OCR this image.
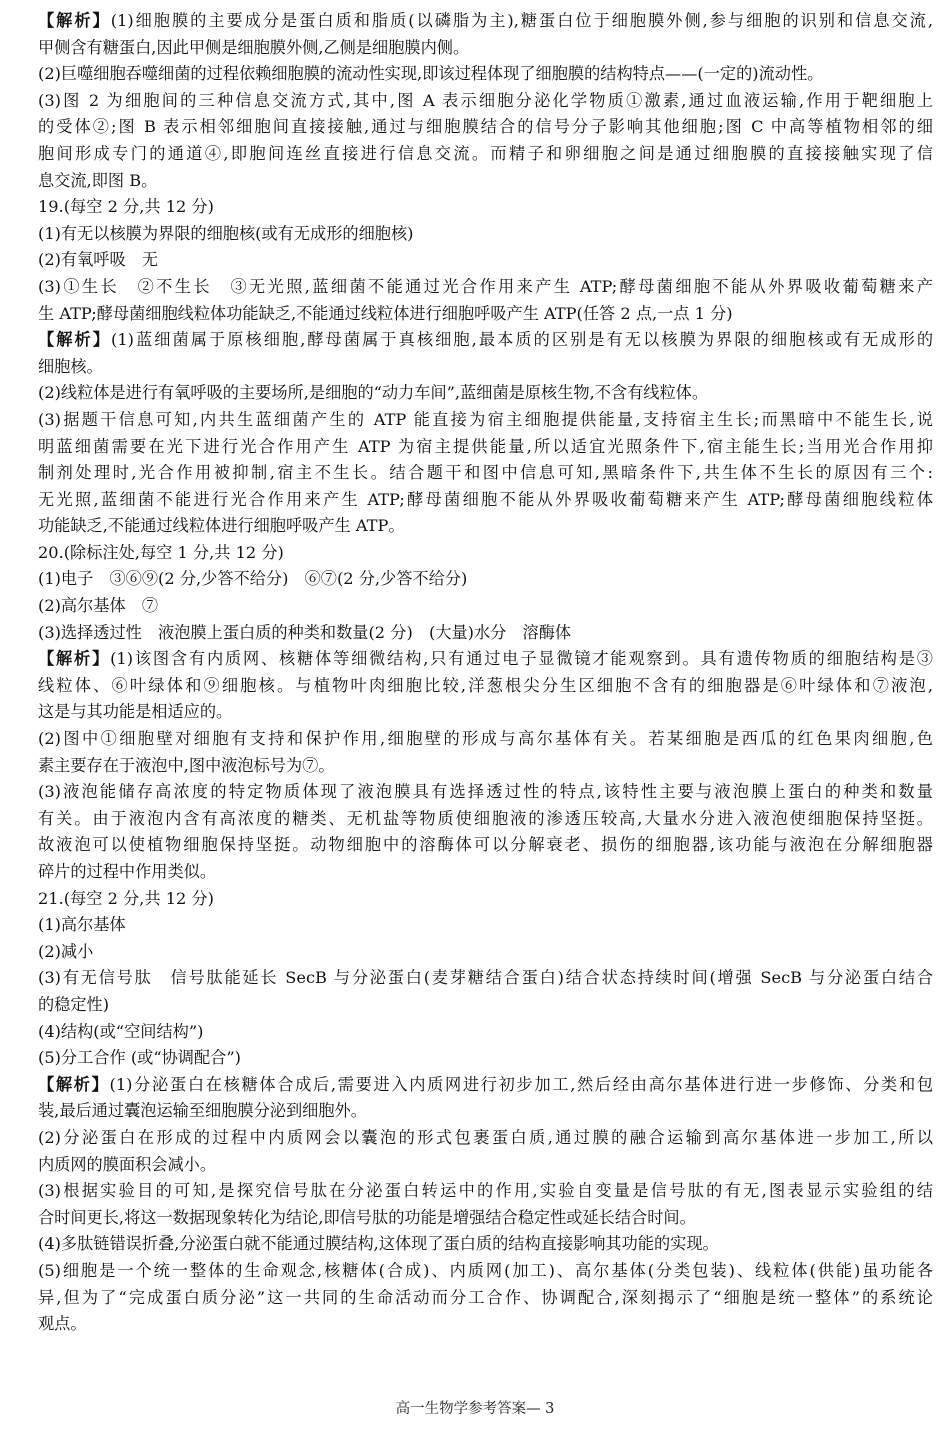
【解析】(1)细胞膜的主要成分是蛋白质和脂质(以磷脂为主),糖蛋白位于细胞膜外侧,参与细胞的识别和信息交流,

甲侧含有糖蛋白,因此甲侧是细胞膜外侧,乙侧是细胞膜内侧。

(2)巨噬细胞吞噬细菌的过程依赖细胞膜的流动性实现,即该过程体现了细胞膜的结构特点——(一定的)流动性。

(3)图 2 为细胞间的三种信息交流方式,其中,图 A 表示细胞分泌化学物质①激素,通过血液运输,作用于靶细胞上

的受体②;图 B 表示相邻细胞间直接接触,通过与细胞膜结合的信号分子影响其他细胞;图 C 中高等植物相邻的细

胞间形成专门的通道④,即胞间连丝直接进行信息交流。而精子和卵细胞之间是通过细胞膜的直接接触实现了信

息交流,即图 B。

19.(每空 2 分,共 12 分)

(1)有无以核膜为界限的细胞核(或有无成形的细胞核)

(2)有氧呼吸　无

(3)①生长　②不生长　③无光照,蓝细菌不能通过光合作用来产生 ATP;酵母菌细胞不能从外界吸收葡萄糖来产

生 ATP;酵母菌细胞线粒体功能缺乏,不能通过线粒体进行细胞呼吸产生 ATP(任答 2 点,一点 1 分)

【解析】(1)蓝细菌属于原核细胞,酵母菌属于真核细胞,最本质的区别是有无以核膜为界限的细胞核或有无成形的

细胞核。

(2)线粒体是进行有氧呼吸的主要场所,是细胞的“动力车间”,蓝细菌是原核生物,不含有线粒体。

(3)据题干信息可知,内共生蓝细菌产生的 ATP 能直接为宿主细胞提供能量,支持宿主生长;而黑暗中不能生长,说

明蓝细菌需要在光下进行光合作用产生 ATP 为宿主提供能量,所以适宜光照条件下,宿主能生长;当用光合作用抑

制剂处理时,光合作用被抑制,宿主不生长。结合题干和图中信息可知,黑暗条件下,共生体不生长的原因有三个:

无光照,蓝细菌不能进行光合作用来产生 ATP;酵母菌细胞不能从外界吸收葡萄糖来产生 ATP;酵母菌细胞线粒体

功能缺乏,不能通过线粒体进行细胞呼吸产生 ATP。

20.(除标注处,每空 1 分,共 12 分)

(1)电子　③⑥⑨(2 分,少答不给分)　⑥⑦(2 分,少答不给分)

(2)高尔基体　⑦

(3)选择透过性　液泡膜上蛋白质的种类和数量(2 分)　(大量)水分　溶酶体

【解析】(1)该图含有内质网、核糖体等细微结构,只有通过电子显微镜才能观察到。具有遗传物质的细胞结构是③

线粒体、⑥叶绿体和⑨细胞核。与植物叶肉细胞比较,洋葱根尖分生区细胞不含有的细胞器是⑥叶绿体和⑦液泡,

这是与其功能是相适应的。

(2)图中①细胞壁对细胞有支持和保护作用,细胞壁的形成与高尔基体有关。若某细胞是西瓜的红色果肉细胞,色

素主要存在于液泡中,图中液泡标号为⑦。

(3)液泡能储存高浓度的特定物质体现了液泡膜具有选择透过性的特点,该特性主要与液泡膜上蛋白的种类和数量

有关。由于液泡内含有高浓度的糖类、无机盐等物质使细胞液的渗透压较高,大量水分进入液泡使细胞保持坚挺。

故液泡可以使植物细胞保持坚挺。动物细胞中的溶酶体可以分解衰老、损伤的细胞器,该功能与液泡在分解细胞器

碎片的过程中作用类似。

21.(每空 2 分,共 12 分)

(1)高尔基体

(2)减小

(3)有无信号肽　信号肽能延长 SecB 与分泌蛋白(麦芽糖结合蛋白)结合状态持续时间(增强 SecB 与分泌蛋白结合

的稳定性)

(4)结构(或“空间结构”)

(5)分工合作 (或“协调配合”)

【解析】(1)分泌蛋白在核糖体合成后,需要进入内质网进行初步加工,然后经由高尔基体进行进一步修饰、分类和包

装,最后通过囊泡运输至细胞膜分泌到细胞外。

(2)分泌蛋白在形成的过程中内质网会以囊泡的形式包裹蛋白质,通过膜的融合运输到高尔基体进一步加工,所以

内质网的膜面积会减小。

(3)根据实验目的可知,是探究信号肽在分泌蛋白转运中的作用,实验自变量是信号肽的有无,图表显示实验组的结

合时间更长,将这一数据现象转化为结论,即信号肽的功能是增强结合稳定性或延长结合时间。

(4)多肽链错误折叠,分泌蛋白就不能通过膜结构,这体现了蛋白质的结构直接影响其功能的实现。

(5)细胞是一个统一整体的生命观念,核糖体(合成)、内质网(加工)、高尔基体(分类包装)、线粒体(供能)虽功能各

异,但为了“完成蛋白质分泌”这一共同的生命活动而分工合作、协调配合,深刻揭示了“细胞是统一整体”的系统论

观点。

高一生物学参考答案— 3
